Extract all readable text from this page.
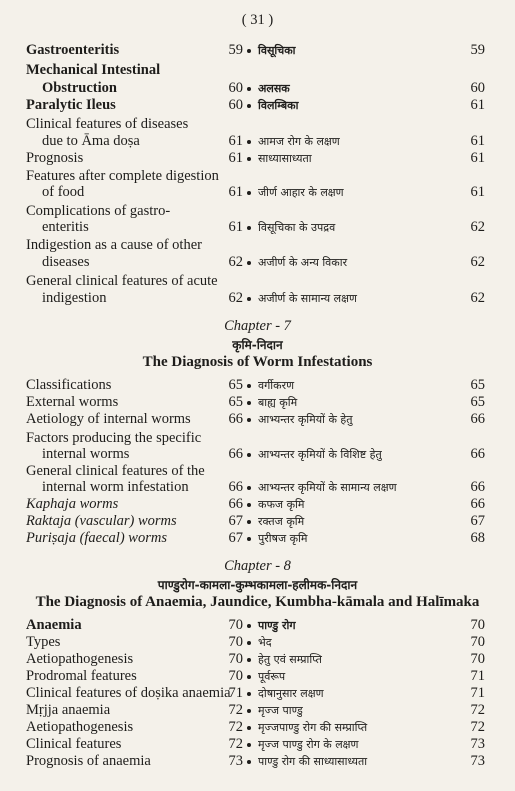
( 31 )
Gastroenteritis	59 विसूचिका	59
Mechanical Intestinal
Obstruction	60 अलसक	60
Paralytic Ileus	60 विलम्बिका	61
Clinical features of diseases
due to Āma doṣa	61 आमज रोग के लक्षण	61
Prognosis	61 साध्यासाध्यता	61
Features after complete digestion
of food	61 जीर्ण आहार के लक्षण	61
Complications of gastro-
enteritis	61 विसूचिका के उपद्रव	62
Indigestion as a cause of other
diseases	62 अजीर्ण के अन्य विकार	62
General clinical features of acute
indigestion	62 अजीर्ण के सामान्य लक्षण	62
Chapter - 7
कृमि-निदान
The Diagnosis of Worm Infestations
Classifications	65 वर्गीकरण	65
External worms	65 बाह्य कृमि	65
Aetiology of internal worms	66 आभ्यन्तर कृमियों के हेतु	66
Factors producing the specific
internal worms	66 आभ्यन्तर कृमियों के विशिष्ट हेतु	66
General clinical features of the
internal worm infestation	66 आभ्यन्तर कृमियों के सामान्य लक्षण	66
Kaphaja worms	66 कफज कृमि	66
Raktaja (vascular) worms	67 रक्तज कृमि	67
Puriṣaja (faecal) worms	67 पुरीषज कृमि	68
Chapter - 8
पाण्डुरोग-कामला-कुम्भकामला-हलीमक-निदान
The Diagnosis of Anaemia, Jaundice, Kumbha-kāmala and Halīmaka
Anaemia	70 पाण्डु रोग	70
Types	70 भेद	70
Aetiopathogenesis	70 हेतु एवं सम्प्राप्ति	70
Prodromal features	70 पूर्वरूप	71
Clinical features of doṣika anaemia
71 दोषानुसार लक्षण	71
Mṛjja anaemia	72 मृज्ज पाण्डु	72
Aetiopathogenesis	72 मृज्जपाण्डु रोग की सम्प्राप्ति	72
Clinical features	72 मृज्ज पाण्डु रोग के लक्षण	73
Prognosis of anaemia	73 पाण्डु रोग की साध्यासाध्यता	73
